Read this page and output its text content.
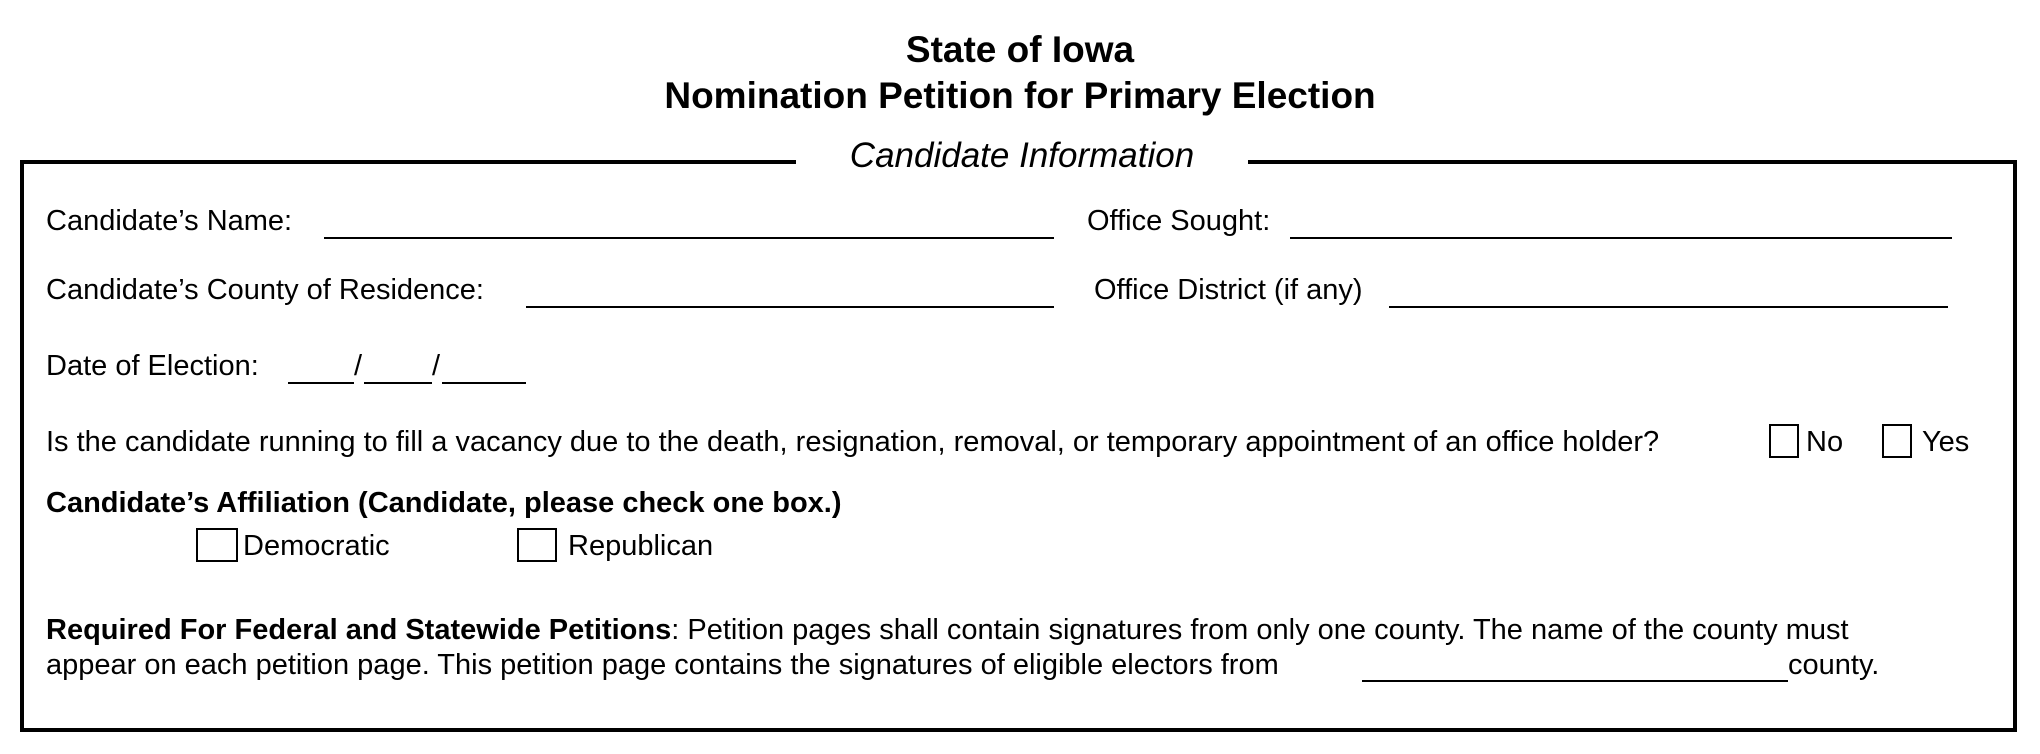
State of Iowa
Nomination Petition for Primary Election
Candidate Information
Candidate’s Name:	Office Sought:
Candidate’s County of Residence:	Office District (if any)
Date of Election:	/ /
Is the candidate running to fill a vacancy due to the death, resignation, removal, or temporary appointment of an office holder?	No	Yes
Candidate’s Affiliation (Candidate, please check one box.)
Democratic	Republican
Required For Federal and Statewide Petitions: Petition pages shall contain signatures from only one county. The name of the county must
appear on each petition page. This petition page contains the signatures of eligible electors from	county.
